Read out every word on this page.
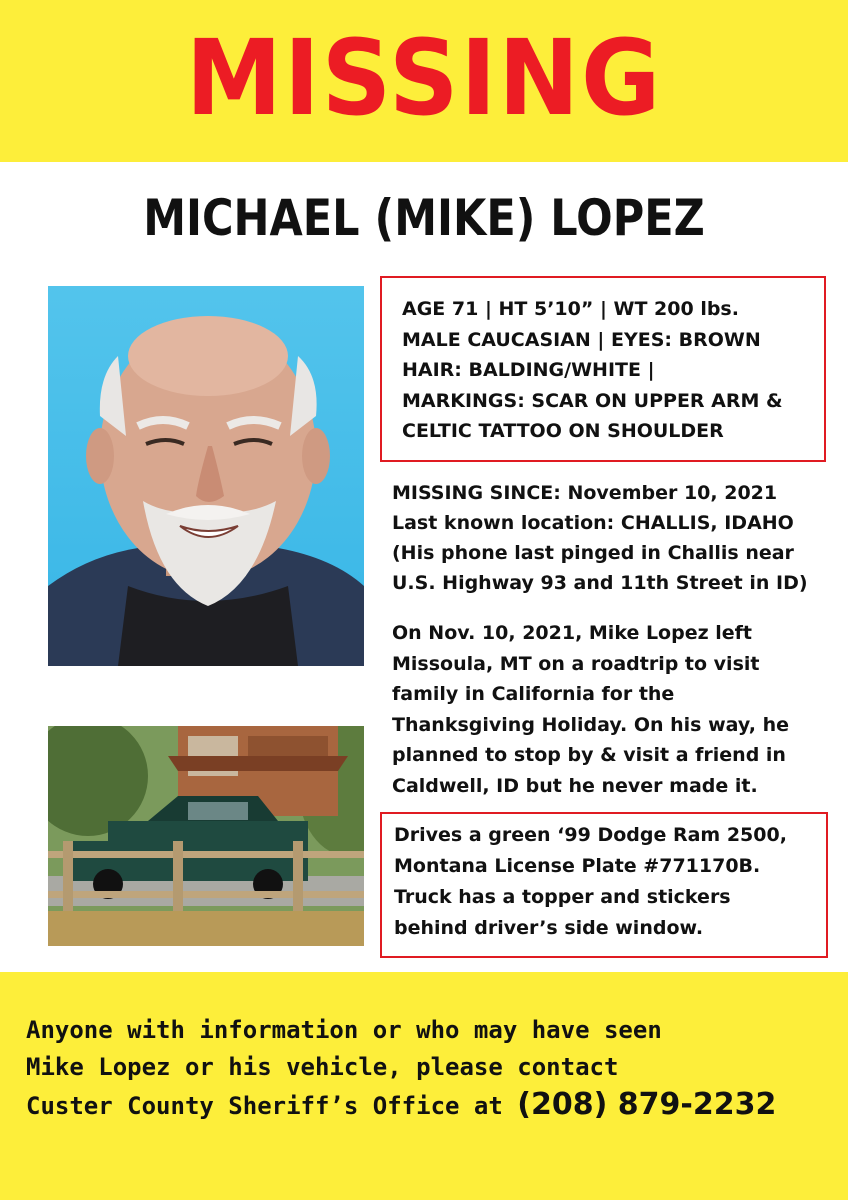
MISSING
MICHAEL (MIKE) LOPEZ
AGE 71 | HT 5’10” | WT 200 lbs.
MALE CAUCASIAN | EYES: BROWN
HAIR: BALDING/WHITE |
MARKINGS: SCAR ON UPPER ARM &
CELTIC TATTOO ON SHOULDER
MISSING SINCE: November 10, 2021
Last known location: CHALLIS, IDAHO
(His phone last pinged in Challis near
U.S. Highway 93 and 11th Street in ID)
On Nov. 10, 2021, Mike Lopez left
Missoula, MT on a roadtrip to visit
family in California for the
Thanksgiving Holiday. On his way, he
planned to stop by & visit a friend in
Caldwell, ID but he never made it.
Drives a green ‘99 Dodge Ram 2500,
Montana License Plate #771170B.
Truck has a topper and stickers
behind driver’s side window.
Anyone with information or who may have seen
Mike Lopez or his vehicle, please contact
Custer County Sheriff’s Office at (208) 879-2232
